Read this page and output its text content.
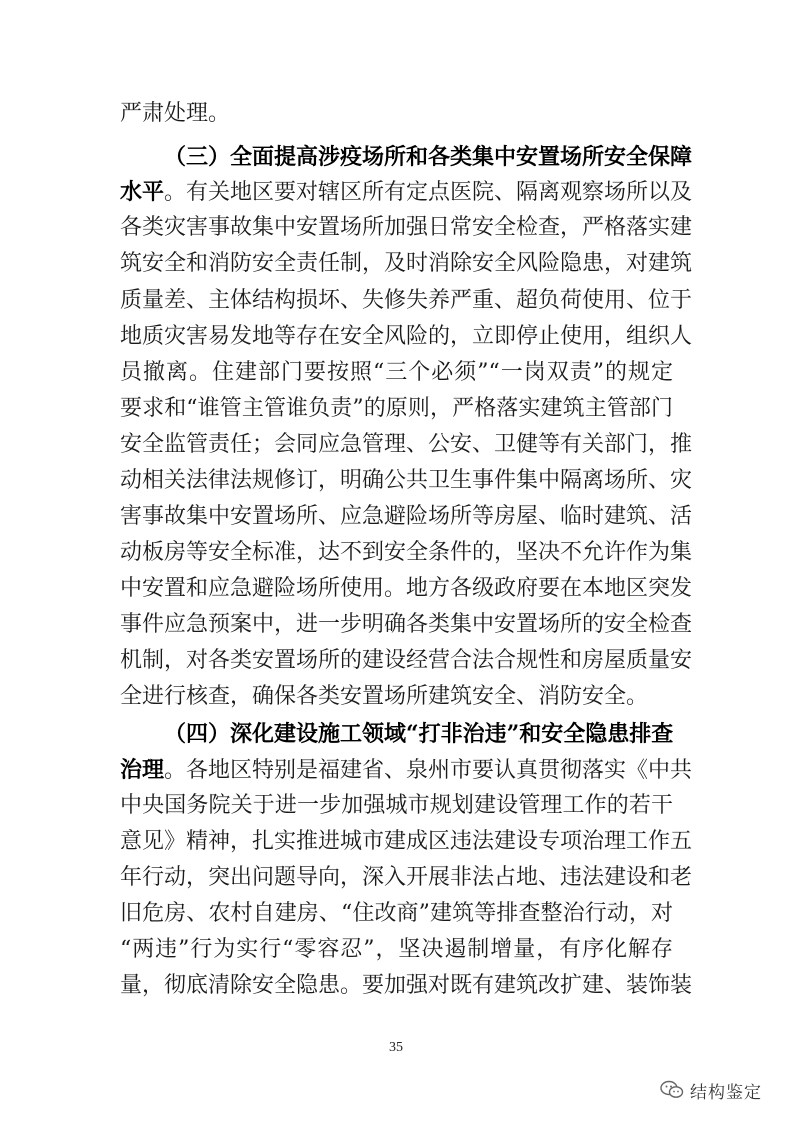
严肃处理。
（三）全面提高涉疫场所和各类集中安置场所安全保障
水平。有关地区要对辖区所有定点医院、隔离观察场所以及
各类灾害事故集中安置场所加强日常安全检查，严格落实建
筑安全和消防安全责任制，及时消除安全风险隐患，对建筑
质量差、主体结构损坏、失修失养严重、超负荷使用、位于
地质灾害易发地等存在安全风险的，立即停止使用，组织人
员撤离。住建部门要按照“三个必须”“一岗双责”的规定
要求和“谁管主管谁负责”的原则，严格落实建筑主管部门
安全监管责任；会同应急管理、公安、卫健等有关部门，推
动相关法律法规修订，明确公共卫生事件集中隔离场所、灾
害事故集中安置场所、应急避险场所等房屋、临时建筑、活
动板房等安全标准，达不到安全条件的，坚决不允许作为集
中安置和应急避险场所使用。地方各级政府要在本地区突发
事件应急预案中，进一步明确各类集中安置场所的安全检查
机制，对各类安置场所的建设经营合法合规性和房屋质量安
全进行核查，确保各类安置场所建筑安全、消防安全。
（四）深化建设施工领域“打非治违”和安全隐患排查
治理。各地区特别是福建省、泉州市要认真贯彻落实《中共
中央国务院关于进一步加强城市规划建设管理工作的若干
意见》精神，扎实推进城市建成区违法建设专项治理工作五
年行动，突出问题导向，深入开展非法占地、违法建设和老
旧危房、农村自建房、“住改商”建筑等排查整治行动，对
“两违”行为实行“零容忍”，坚决遏制增量，有序化解存
量，彻底清除安全隐患。要加强对既有建筑改扩建、装饰装
35
结构鉴定
